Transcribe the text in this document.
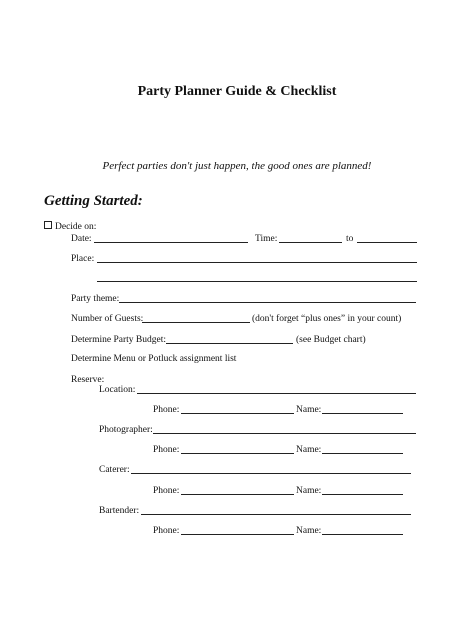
Party Planner Guide & Checklist
Perfect parties don't just happen, the good ones are planned!
Getting Started:
Decide on:
Date:	Time:	to
Place:
Party theme:
Number of Guests:	(don't forget “plus ones” in your count)
Determine Party Budget:	(see Budget chart)
Determine Menu or Potluck assignment list
Reserve:
Location:
Phone:	Name:
Photographer:
Phone:	Name:
Caterer:
Phone:	Name:
Bartender:
Phone:	Name:
